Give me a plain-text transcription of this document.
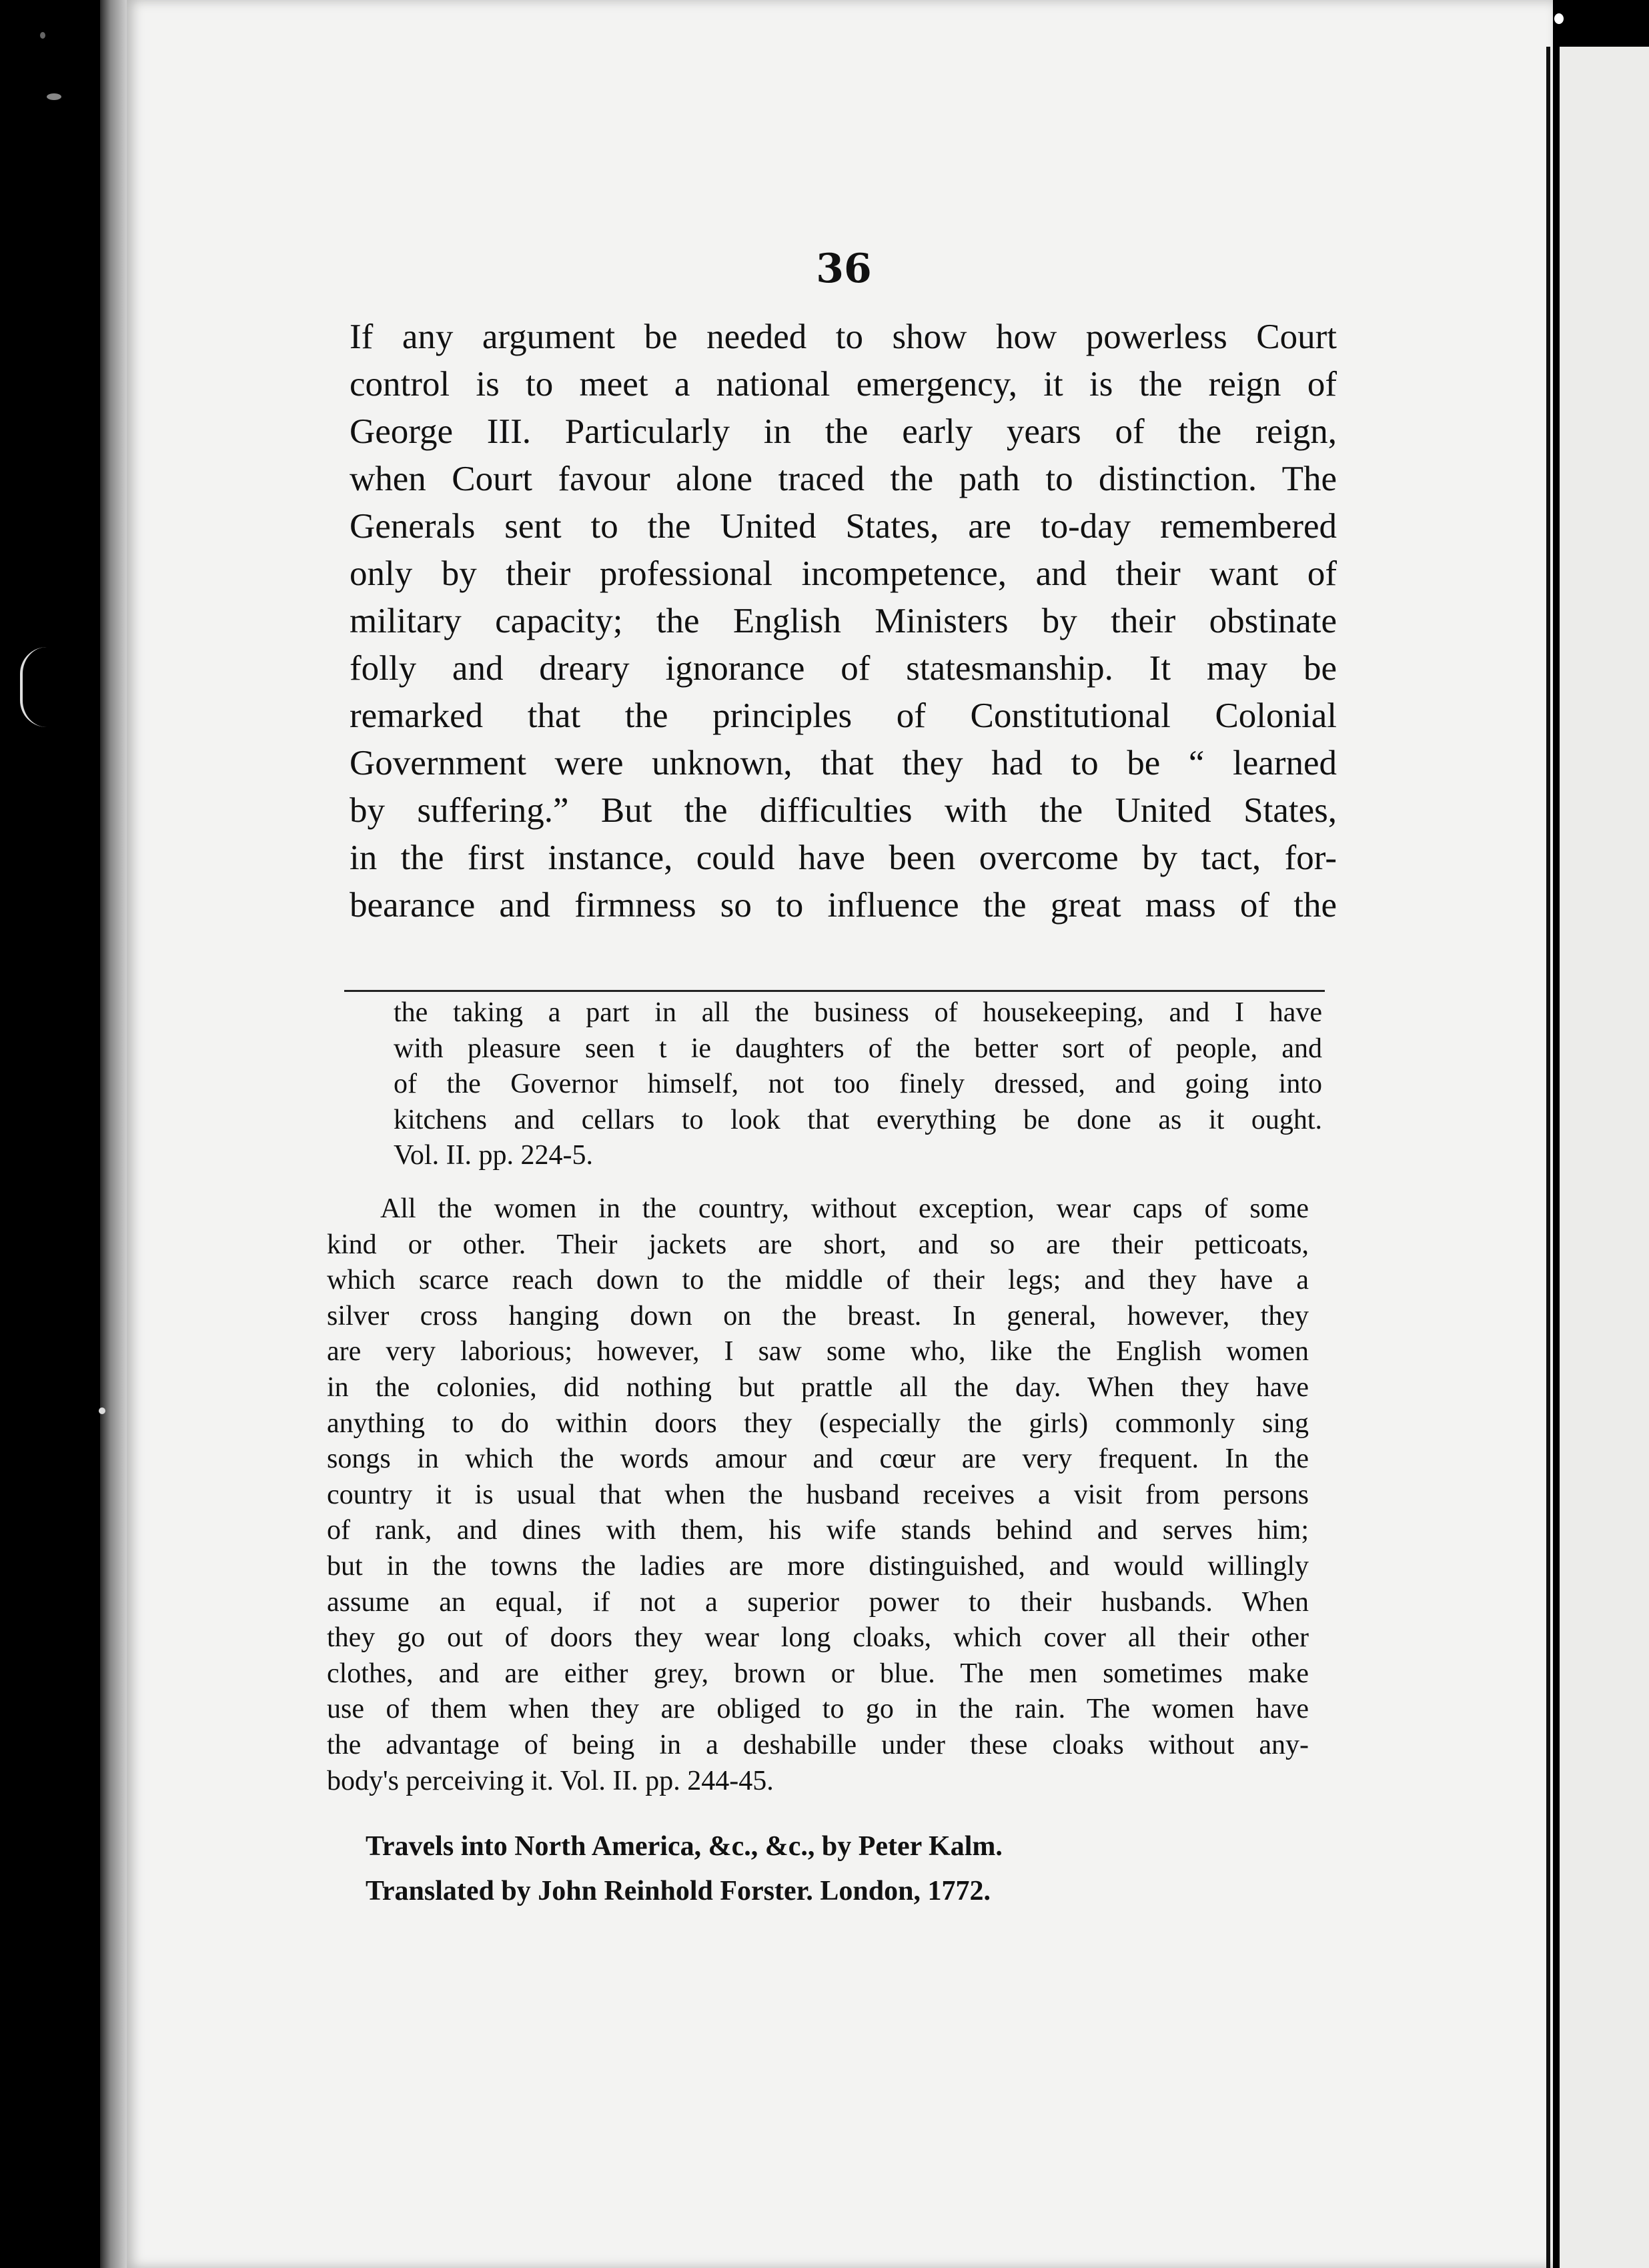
36
If any argument be needed to show how powerless Court
control is to meet a national emergency, it is the reign of
George III. Particularly in the early years of the reign,
when Court favour alone traced the path to distinction. The
Generals sent to the United States, are to-day remembered
only by their professional incompetence, and their want of
military capacity; the English Ministers by their obstinate
folly and dreary ignorance of statesmanship. It may be
remarked that the principles of Constitutional Colonial
Government were unknown, that they had to be “ learned
by suffering.” But the difficulties with the United States,
in the first instance, could have been overcome by tact, for-
bearance and firmness so to influence the great mass of the
the taking a part in all the business of housekeeping, and I have
with pleasure seen t ie daughters of the better sort of people, and
of the Governor himself, not too finely dressed, and going into
kitchens and cellars to look that everything be done as it ought.
Vol. II. pp. 224-5.
All the women in the country, without exception, wear caps of some
kind or other. Their jackets are short, and so are their petticoats,
which scarce reach down to the middle of their legs; and they have a
silver cross hanging down on the breast. In general, however, they
are very laborious; however, I saw some who, like the English women
in the colonies, did nothing but prattle all the day. When they have
anything to do within doors they (especially the girls) commonly sing
songs in which the words amour and cœur are very frequent. In the
country it is usual that when the husband receives a visit from persons
of rank, and dines with them, his wife stands behind and serves him;
but in the towns the ladies are more distinguished, and would willingly
assume an equal, if not a superior power to their husbands. When
they go out of doors they wear long cloaks, which cover all their other
clothes, and are either grey, brown or blue. The men sometimes make
use of them when they are obliged to go in the rain. The women have
the advantage of being in a deshabille under these cloaks without any-
body's perceiving it. Vol. II. pp. 244-45.
Travels into North America, &c., &c., by Peter Kalm.
Translated by John Reinhold Forster. London, 1772.
